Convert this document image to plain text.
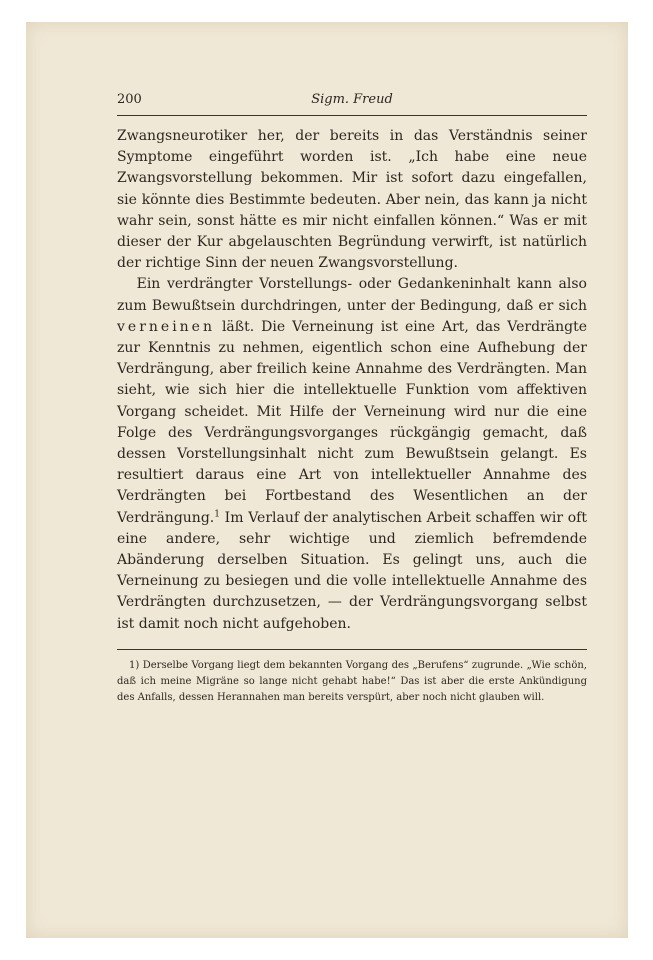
200	Sigm. Freud

Zwangsneurotiker her, der bereits in das Verständnis seiner Symptome eingeführt worden ist. „Ich habe eine neue Zwangsvorstellung bekommen. Mir ist sofort dazu eingefallen, sie könnte dies Bestimmte bedeuten. Aber nein, das kann ja nicht wahr sein, sonst hätte es mir nicht einfallen können.“ Was er mit dieser der Kur abgelauschten Begründung verwirft, ist natürlich der richtige Sinn der neuen Zwangsvorstellung.

Ein verdrängter Vorstellungs- oder Gedankeninhalt kann also zum Bewußtsein durchdringen, unter der Bedingung, daß er sich verneinen läßt. Die Verneinung ist eine Art, das Verdrängte zur Kenntnis zu nehmen, eigentlich schon eine Aufhebung der Verdrängung, aber freilich keine Annahme des Verdrängten. Man sieht, wie sich hier die intellektuelle Funktion vom affektiven Vorgang scheidet. Mit Hilfe der Verneinung wird nur die eine Folge des Verdrängungsvorganges rückgängig gemacht, daß dessen Vorstellungsinhalt nicht zum Bewußtsein gelangt. Es resultiert daraus eine Art von intellektueller Annahme des Verdrängten bei Fortbestand des Wesentlichen an der Verdrängung.$^1$ Im Verlauf der analytischen Arbeit schaffen wir oft eine andere, sehr wichtige und ziemlich befremdende Abänderung derselben Situation. Es gelingt uns, auch die Verneinung zu besiegen und die volle intellektuelle Annahme des Verdrängten durchzusetzen, — der Verdrängungsvorgang selbst ist damit noch nicht aufgehoben.

1) Derselbe Vorgang liegt dem bekannten Vorgang des „Berufens“ zugrunde. „Wie schön, daß ich meine Migräne so lange nicht gehabt habe!“ Das ist aber die erste Ankündigung des Anfalls, dessen Herannahen man bereits verspürt, aber noch nicht glauben will.
